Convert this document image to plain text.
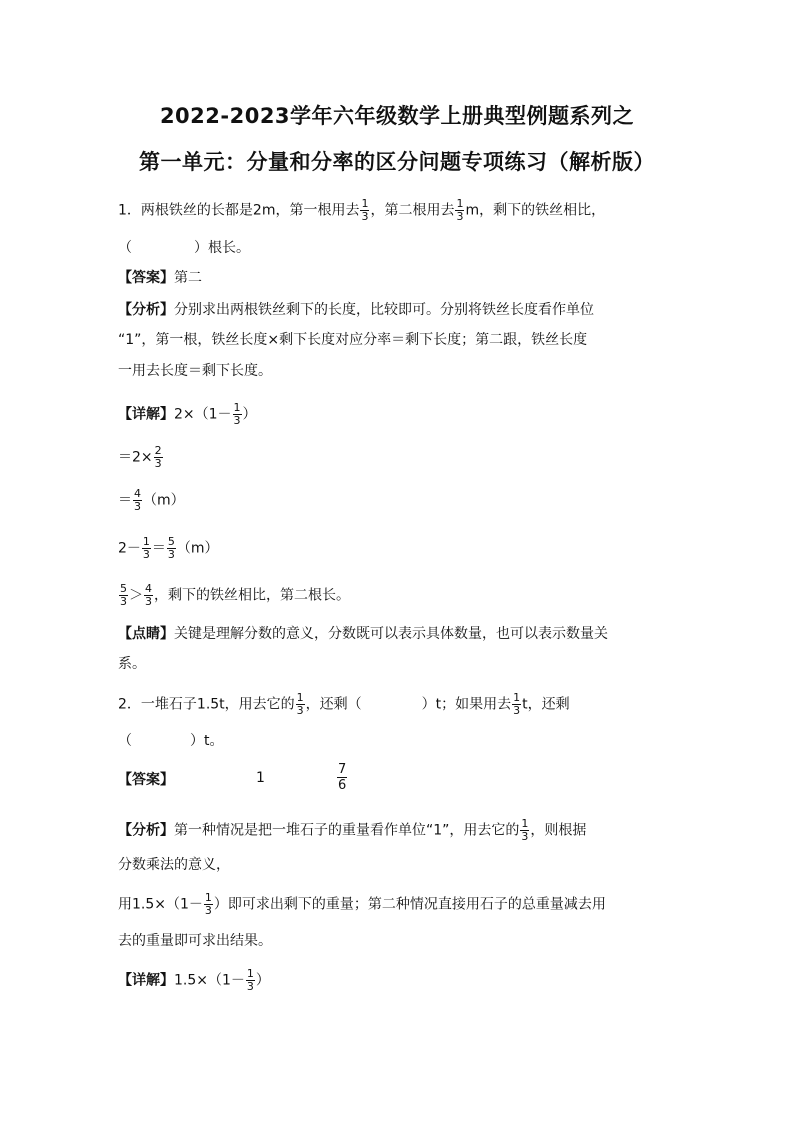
2022-2023学年六年级数学上册典型例题系列之
第一单元：分量和分率的区分问题专项练习（解析版）
1．两根铁丝的长都是2m，第一根用去 $\frac{1}{3}$ ，第二根用去 $\frac{1}{3}$ m，剩下的铁丝相比，
（	）根长。
【答案】第二
【分析】分别求出两根铁丝剩下的长度，比较即可。分别将铁丝长度看作单位
“1”，第一根，铁丝长度×剩下长度对应分率＝剩下长度；第二跟，铁丝长度
一用去长度＝剩下长度。
【详解】$2\times(1- \frac{1}{3}$ ）
$=2\times \frac{2}{3}$
＝ $\frac{4}{3} (m)$
$2- \frac{1}{3} = \frac{5}{3} (m)$
$\frac{5}{3} > \frac{4}{3}$ ，剩下的铁丝相比，第二根长。
【点睛】关键是理解分数的意义，分数既可以表示具体数量，也可以表示数量关
系。
2．一堆石子1.5t，用去它的 $\frac{1}{3}$ ，还剩（	）t；如果用去 $\frac{1}{3}$ t，还剩
（	）t。
【答案】	1	$\frac{7}{6}$
【分析】第一种情况是把一堆石子的重量看作单位“1”，用去它的 $\frac{1}{3}$ ，则根据
分数乘法的意义，
用$1.5\times(1- \frac{1}{3}$ ）即可求出剩下的重量；第二种情况直接用石子的总重量减去用
去的重量即可求出结果。
【详解】$1.5\times(1- \frac{1}{3}$ ）
